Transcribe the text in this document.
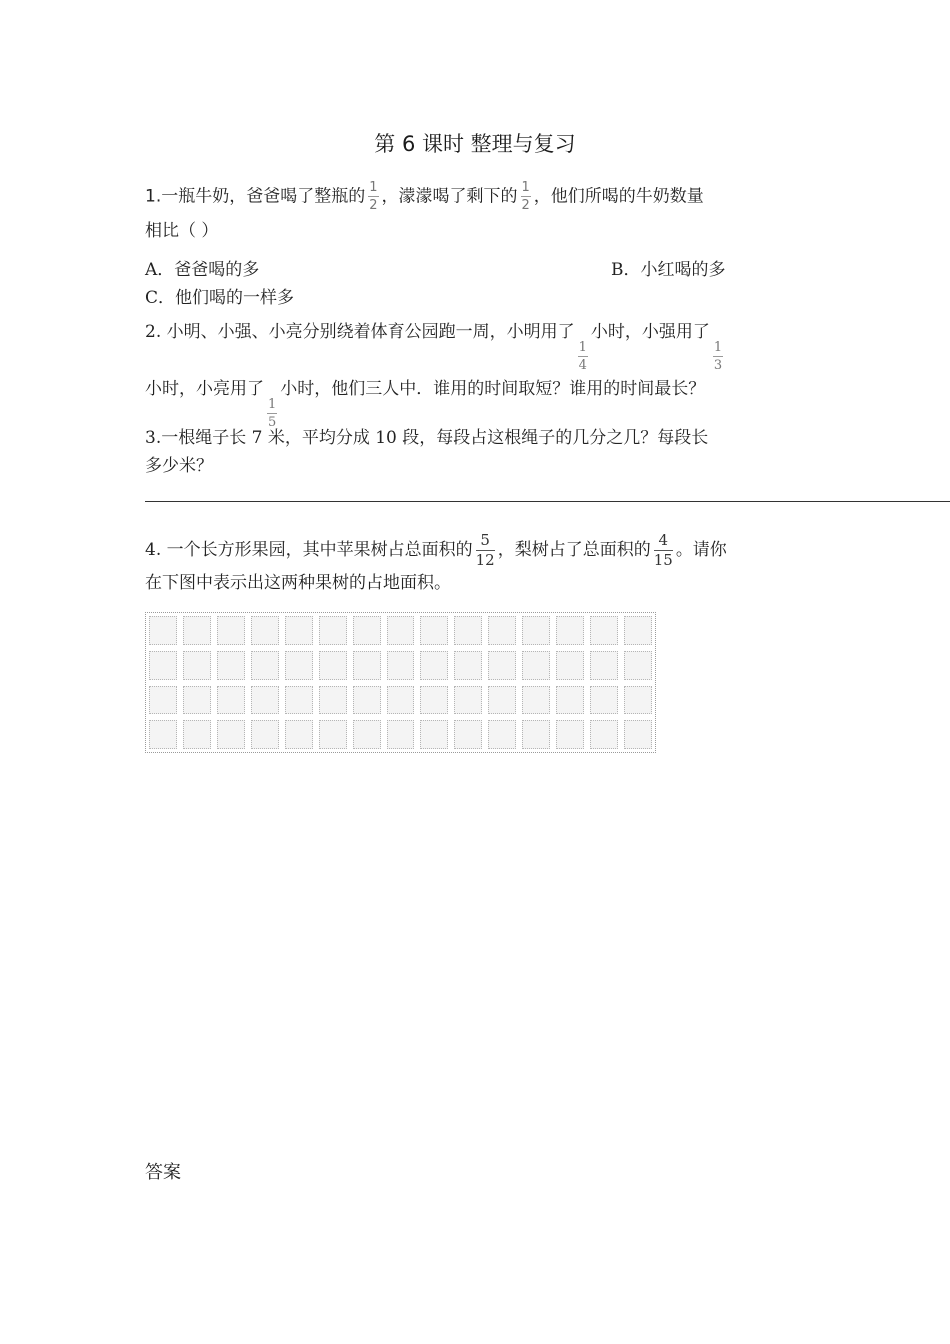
第 6 课时 整理与复习
1.一瓶牛奶，爸爸喝了整瓶的 $\frac{1}{2}$ ，濛濛喝了剩下的 $\frac{1}{2}$ ，他们所喝的牛奶数量
相比（ ）
A．爸爸喝的多	B．小红喝的多
C．他们喝的一样多
2. 小明、小强、小亮分别绕着体育公园跑一周，小明用了
$\frac{1}{4}$
小时，小强用了
$\frac{1}{3}$
小时，小亮用了
$\frac{1}{5}$
小时，他们三人中．谁用的时间取短？谁用的时间最长？
3.一根绳子长 7 米，平均分成 10 段，每段占这根绳子的几分之几？每段长
多少米？
4. 一个长方形果园，其中苹果树占总面积的 $\frac{5}{12}$ ，梨树占了总面积的 $\frac{4}{15}$ 。请你
在下图中表示出这两种果树的占地面积。
答案
